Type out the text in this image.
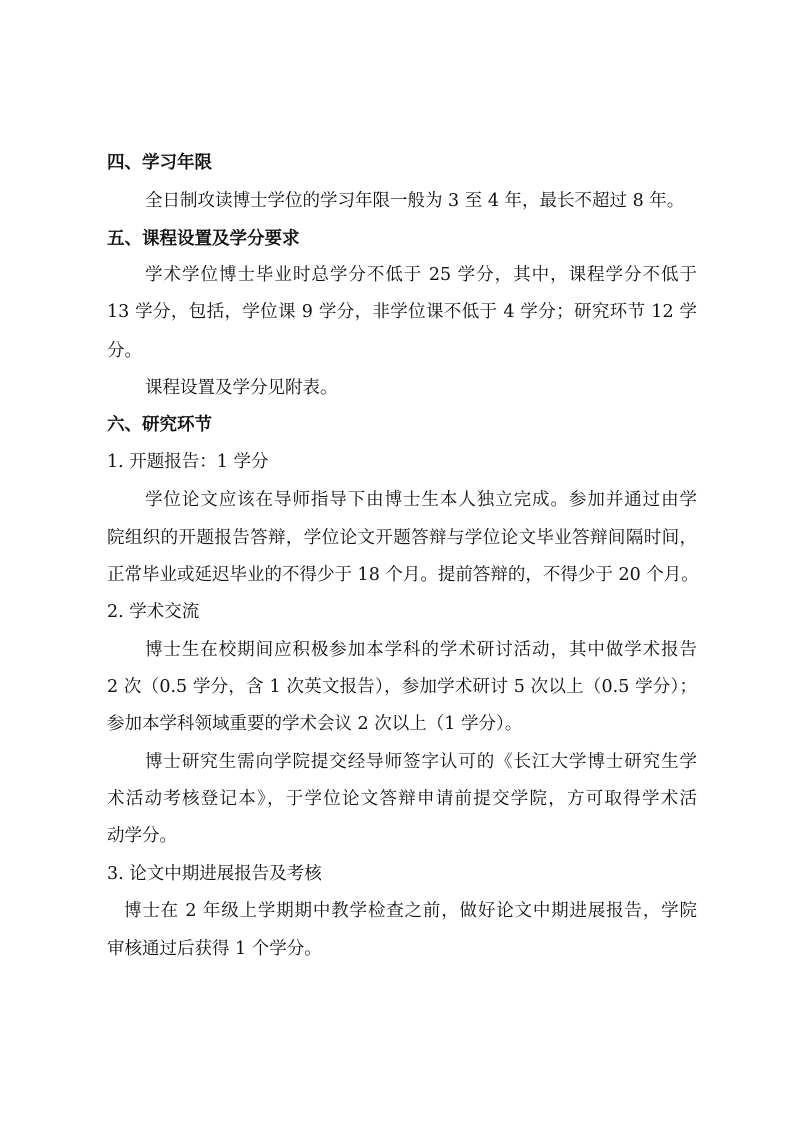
四、学习年限

全日制攻读博士学位的学习年限一般为 3 至 4 年，最长不超过 8 年。

五、课程设置及学分要求

学术学位博士毕业时总学分不低于 25 学分，其中，课程学分不低于

13 学分，包括，学位课 9 学分，非学位课不低于 4 学分；研究环节 12 学

分。

课程设置及学分见附表。

六、研究环节

1. 开题报告：1 学分

学位论文应该在导师指导下由博士生本人独立完成。参加并通过由学

院组织的开题报告答辩，学位论文开题答辩与学位论文毕业答辩间隔时间，

正常毕业或延迟毕业的不得少于 18 个月。提前答辩的，不得少于 20 个月。

2. 学术交流

博士生在校期间应积极参加本学科的学术研讨活动，其中做学术报告

2 次（0.5 学分，含 1 次英文报告），参加学术研讨 5 次以上（0.5 学分）；

参加本学科领域重要的学术会议 2 次以上（1 学分）。

博士研究生需向学院提交经导师签字认可的《长江大学博士研究生学

术活动考核登记本》，于学位论文答辩申请前提交学院，方可取得学术活

动学分。

3. 论文中期进展报告及考核

博士在 2 年级上学期期中教学检查之前，做好论文中期进展报告，学院

审核通过后获得 1 个学分。
